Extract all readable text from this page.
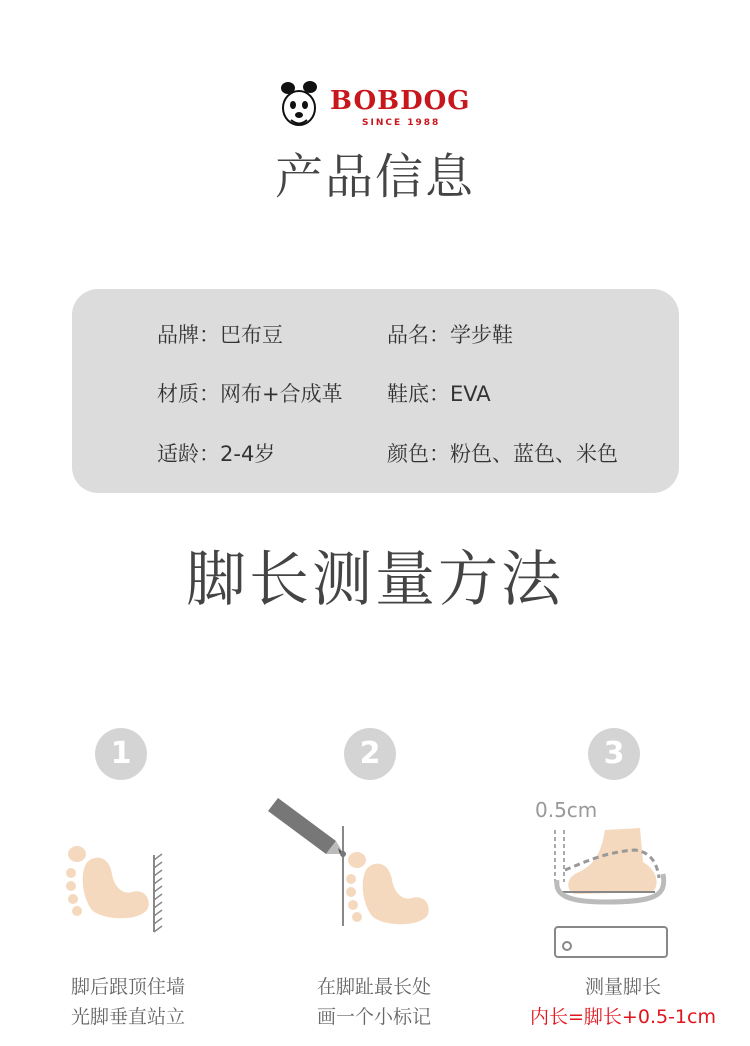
BOBDOG
SINCE 1988
产品信息
品牌：巴布豆	品名：学步鞋
材质：网布+合成革 鞋底：EVA
适龄：2-4岁	颜色：粉色、蓝色、米色
脚长测量方法
1	2	3
0.5cm
脚后跟顶住墙
光脚垂直站立
在脚趾最长处
画一个小标记
测量脚长
内长=脚长+0.5-1cm
